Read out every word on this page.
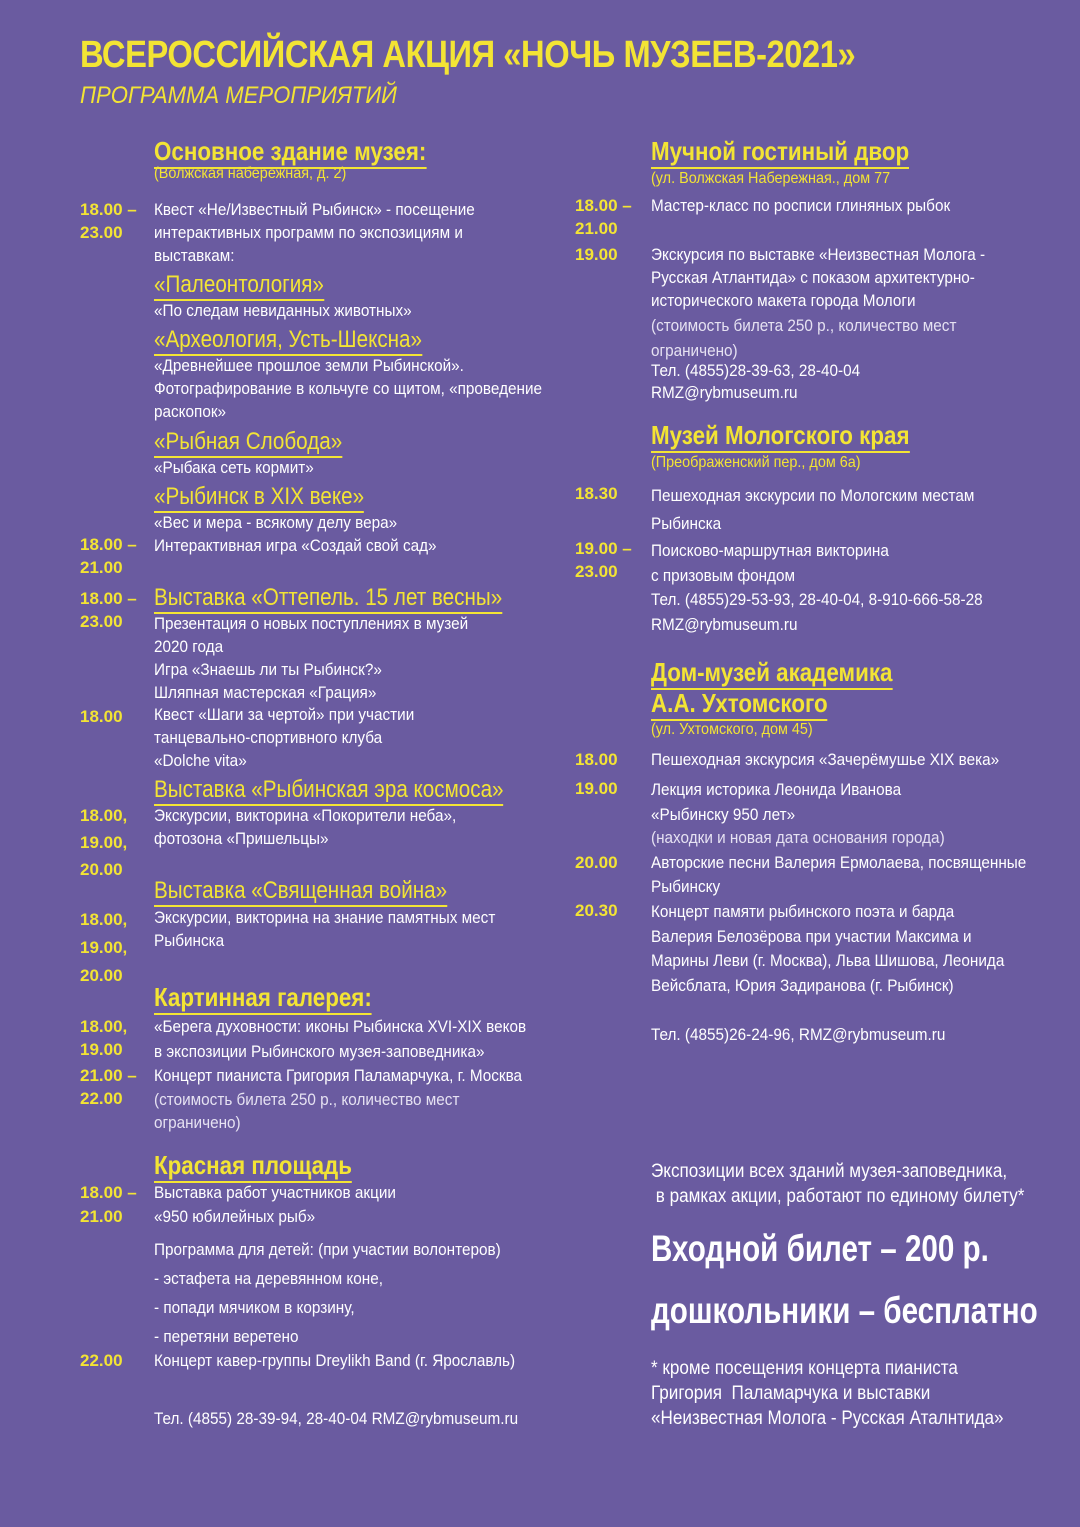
ВСЕРОССИЙСКАЯ АКЦИЯ «НОЧЬ МУЗЕЕВ-2021»
ПРОГРАММА МЕРОПРИЯТИЙ
Основное здание музея:
(Волжская набережная, д. 2)
18.00 –
23.00
Квест «Не/Известный Рыбинск» - посещение
интерактивных программ по экспозициям и
выставкам:
«Палеонтология»
«По следам невиданных животных»
«Археология, Усть-Шексна»
«Древнейшее прошлое земли Рыбинской».
Фотографирование в кольчуге со щитом, «проведение
раскопок»
«Рыбная Слобода»
«Рыбака сеть кормит»
«Рыбинск в XIX веке»
«Вес и мера - всякому делу вера»
18.00 –
21.00
Интерактивная игра «Создай свой сад»
18.00 –
23.00
Выставка «Оттепель. 15 лет весны»
Презентация о новых поступлениях в музей
2020 года
Игра «Знаешь ли ты Рыбинск?»
Шляпная мастерская «Грация»
18.00 Квест «Шаги за чертой» при участии
танцевально-спортивного клуба
«Dolche vita»
Выставка «Рыбинская эра космоса»
18.00,
19.00,
20.00
Экскурсии, викторина «Покорители неба»,
фотозона «Пришельцы»
Выставка «Священная война»
18.00,
19.00,
20.00
Экскурсии, викторина на знание памятных мест
Рыбинска
Картинная галерея:
18.00,
19.00
«Берега духовности: иконы Рыбинска XVI-XIX веков
в экспозиции Рыбинского музея-заповедника»
21.00 –
22.00
Концерт пианиста Григория Паламарчука, г. Москва
(стоимость билета 250 р., количество мест
ограничено)
Красная площадь
18.00 –
21.00
Выставка работ участников акции
«950 юбилейных рыб»
Программа для детей: (при участии волонтеров)
- эстафета на деревянном коне,
- попади мячиком в корзину,
- перетяни веретено
22.00 Концерт кавер-группы Dreylikh Band (г. Ярославль)
Тел. (4855) 28-39-94, 28-40-04 RMZ@rybmuseum.ru
Мучной гостиный двор
(ул. Волжская Набережная., дом 77
18.00 –
21.00
Мастер-класс по росписи глиняных рыбок
19.00 Экскурсия по выставке «Неизвестная Молога -
Русская Атлантида» с показом архитектурно-
исторического макета города Мологи
(стоимость билета 250 р., количество мест
ограничено)
Тел. (4855)28-39-63, 28-40-04
RMZ@rybmuseum.ru
Музей Мологского края
(Преображенский пер., дом 6а)
18.30 Пешеходная экскурсии по Мологским местам
Рыбинска
19.00 –
23.00
Поисково-маршрутная викторина
с призовым фондом
Тел. (4855)29-53-93, 28-40-04, 8-910-666-58-28
RMZ@rybmuseum.ru
Дом-музей академика
А.А. Ухтомского
(ул. Ухтомского, дом 45)
18.00 Пешеходная экскурсия «Зачерёмушье XIX века»
19.00 Лекция историка Леонида Иванова
«Рыбинску 950 лет»
(находки и новая дата основания города)
20.00 Авторские песни Валерия Ермолаева, посвященные
Рыбинску
20.30 Концерт памяти рыбинского поэта и барда
Валерия Белозёрова при участии Максима и
Марины Леви (г. Москва), Льва Шишова, Леонида
Вейсблата, Юрия Задиранова (г. Рыбинск)
Тел. (4855)26-24-96, RMZ@rybmuseum.ru
Экспозиции всех зданий музея-заповедника,
в рамках акции, работают по единому билету*
Входной билет – 200 р.
дошкольники – бесплатно
* кроме посещения концерта пианиста
Григория  Паламарчука и выставки
«Неизвестная Молога - Русская Аталнтида»
